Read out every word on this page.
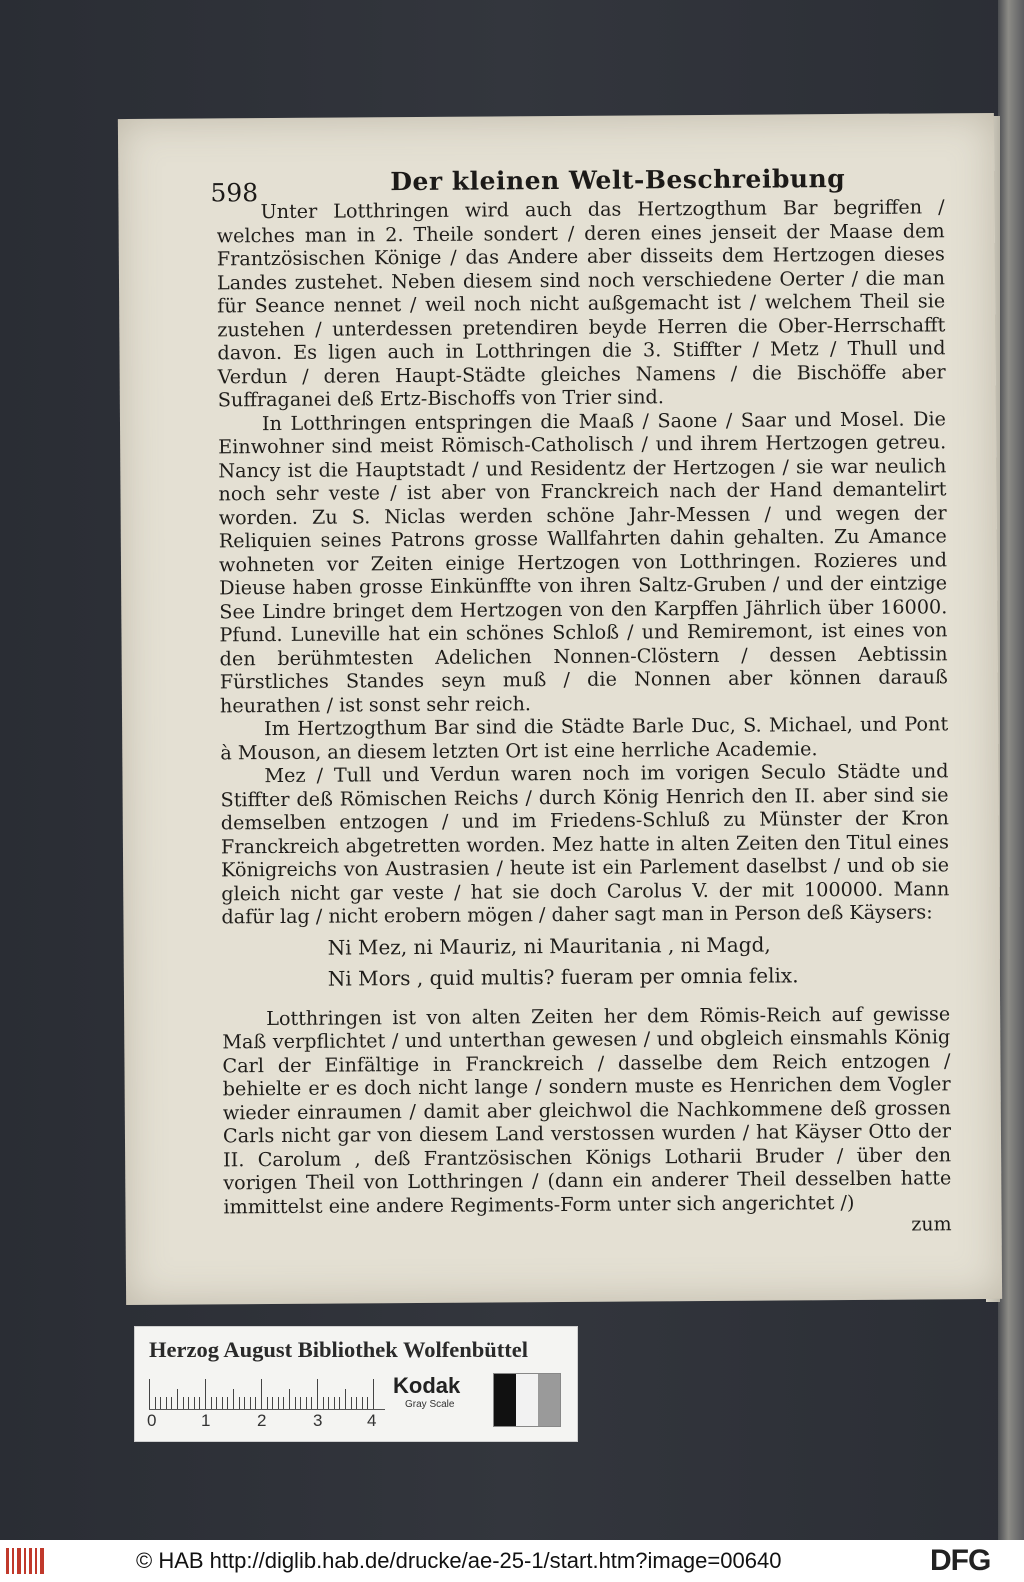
598	Der kleinen Welt-Beschreibung

Unter Lotthringen wird auch das Hertzogthum Bar begriffen / welches man in 2. Theile sondert / deren eines jenseit der Maase dem Frantzösischen Könige / das Andere aber disseits dem Hertzogen dieses Landes zustehet. Neben diesem sind noch verschiedene Oerter / die man für Seance nennet / weil noch nicht außgemacht ist / welchem Theil sie zustehen / unterdessen pretendiren beyde Herren die Ober-Herrschafft davon. Es ligen auch in Lotthringen die 3. Stiffter / Metz / Thull und Verdun / deren Haupt-Städte gleiches Namens / die Bischöffe aber Suffraganei deß Ertz-Bischoffs von Trier sind.

In Lotthringen entspringen die Maaß / Saone / Saar und Mosel. Die Einwohner sind meist Römisch-Catholisch / und ihrem Hertzogen getreu. Nancy ist die Hauptstadt / und Residentz der Hertzogen / sie war neulich noch sehr veste / ist aber von Franckreich nach der Hand demantelirt worden. Zu S. Niclas werden schöne Jahr-Messen / und wegen der Reliquien seines Patrons grosse Wallfahrten dahin gehalten. Zu Amance wohneten vor Zeiten einige Hertzogen von Lotthringen. Rozieres und Dieuse haben grosse Einkünffte von ihren Saltz-Gruben / und der eintzige See Lindre bringet dem Hertzogen von den Karpffen Jährlich über 16000. Pfund. Luneville hat ein schönes Schloß / und Remiremont, ist eines von den berühmtesten Adelichen Nonnen-Clöstern / dessen Aebtissin Fürstliches Standes seyn muß / die Nonnen aber können darauß heurathen / ist sonst sehr reich.

Im Hertzogthum Bar sind die Städte Barle Duc, S. Michael, und Pont à Mouson, an diesem letzten Ort ist eine herrliche Academie.

Mez / Tull und Verdun waren noch im vorigen Seculo Städte und Stiffter deß Römischen Reichs / durch König Henrich den II. aber sind sie demselben entzogen / und im Friedens-Schluß zu Münster der Kron Franckreich abgetretten worden. Mez hatte in alten Zeiten den Titul eines Königreichs von Austrasien / heute ist ein Parlement daselbst / und ob sie gleich nicht gar veste / hat sie doch Carolus V. der mit 100000. Mann dafür lag / nicht erobern mögen / daher sagt man in Person deß Käysers:

Ni Mez, ni Mauriz, ni Mauritania , ni Magd,
Ni Mors , quid multis? fueram per omnia felix.

Lotthringen ist von alten Zeiten her dem Römis-Reich auf gewisse Maß verpflichtet / und unterthan gewesen / und obgleich einsmahls König Carl der Einfältige in Franckreich / dasselbe dem Reich entzogen / behielte er es doch nicht lange / sondern muste es Henrichen dem Vogler wieder einraumen / damit aber gleichwol die Nachkommene deß grossen Carls nicht gar von diesem Land verstossen wurden / hat Käyser Otto der II. Carolum , deß Frantzösischen Königs Lotharii Bruder / über den vorigen Theil von Lotthringen / (dann ein anderer Theil desselben hatte immittelst eine andere Regiments-Form unter sich angerichtet /)

zum
Herzog August Bibliothek Wolfenbüttel
0	1	2	3	4
Kodak
Gray Scale
© HAB http://diglib.hab.de/drucke/ae-25-1/start.htm?image=00640	DFG
